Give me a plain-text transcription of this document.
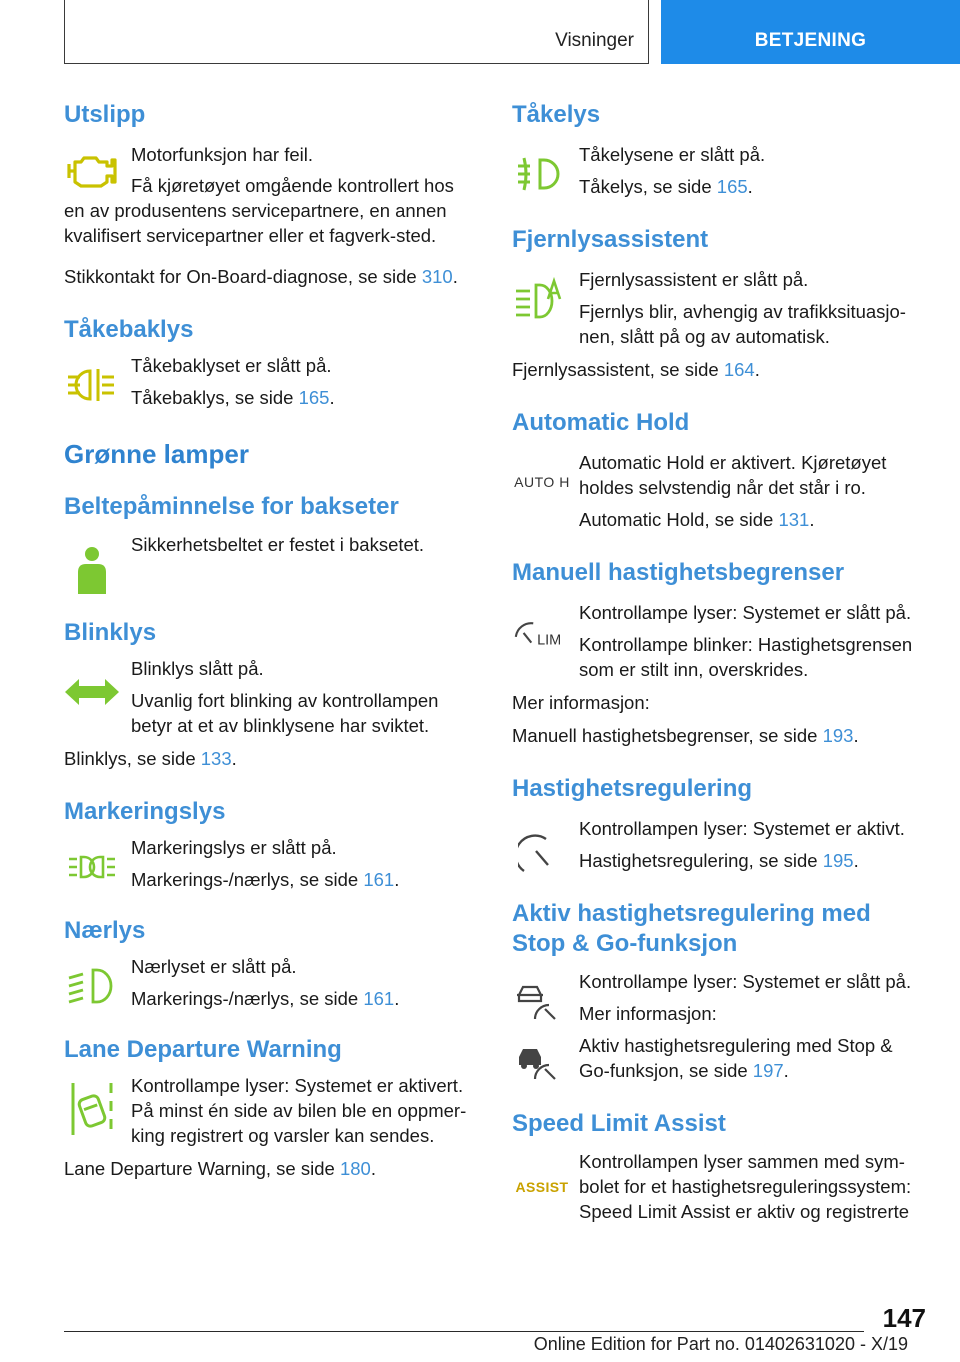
Visninger	BETJENING
Utslipp

Motorfunksjon har feil.

Få kjøretøyet omgående kontrollert hos en av produsentens servicepartnere, en annen kvalifisert servicepartner eller et fagverk-sted.

Stikkontakt for On-Board-diagnose, se side 310.

Tåkebaklys

Tåkebaklyset er slått på.

Tåkebaklys, se side 165.

Grønne lamper
Beltepåminnelse for bakseter

Sikkerhetsbeltet er festet i baksetet.

Blinklys

Blinklys slått på.

Uvanlig fort blinking av kontrollampen betyr at et av blinklysene har sviktet.

Blinklys, se side 133.

Markeringslys

Markeringslys er slått på.

Markerings-/nærlys, se side 161.

Nærlys

Nærlyset er slått på.

Markerings-/nærlys, se side 161.

Lane Departure Warning

Kontrollampe lyser: Systemet er aktivert. På minst én side av bilen ble en oppmer-king registrert og varsler kan sendes.

Lane Departure Warning, se side 180.

Tåkelys

Tåkelysene er slått på.

Tåkelys, se side 165.

Fjernlysassistent

Fjernlysassistent er slått på.

Fjernlys blir, avhengig av trafikksituasjo-nen, slått på og av automatisk.

Fjernlysassistent, se side 164.

Automatic Hold
AUTO H

Automatic Hold er aktivert. Kjøretøyet holdes selvstendig når det står i ro.

Automatic Hold, se side 131.

Manuell hastighetsbegrenser
LIM

Kontrollampe lyser: Systemet er slått på.

Kontrollampe blinker: Hastighetsgrensen som er stilt inn, overskrides.

Mer informasjon:

Manuell hastighetsbegrenser, se side 193.

Hastighetsregulering

Kontrollampen lyser: Systemet er aktivt.

Hastighetsregulering, se side 195.

Aktiv hastighetsregulering med Stop & Go-funksjon

Kontrollampe lyser: Systemet er slått på.

Mer informasjon:

Aktiv hastighetsregulering med Stop & Go-funksjon, se side 197.

Speed Limit Assist
ASSIST

Kontrollampen lyser sammen med sym-bolet for et hastighetsreguleringssystem: Speed Limit Assist er aktiv og registrerte

147
Online Edition for Part no. 01402631020 - X/19
